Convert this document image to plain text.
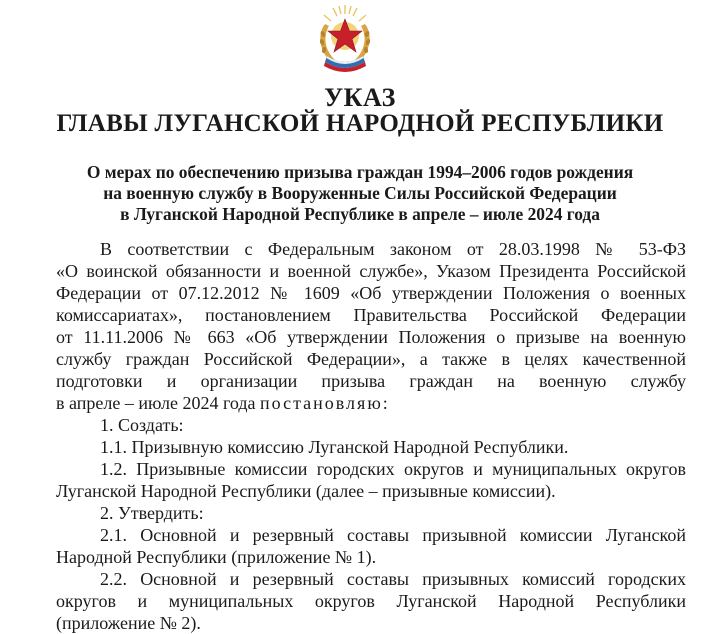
УКАЗ
ГЛАВЫ ЛУГАНСКОЙ НАРОДНОЙ РЕСПУБЛИКИ
О мерах по обеспечению призыва граждан 1994–2006 годов рождения
на военную службу в Вооруженные Силы Российской Федерации
в Луганской Народной Республике в апреле – июле 2024 года
В соответствии с Федеральным законом от 28.03.1998 № 53-ФЗ
«О воинской обязанности и военной службе», Указом Президента Российской
Федерации от 07.12.2012 № 1609 «Об утверждении Положения о военных
комиссариатах», постановлением Правительства Российской Федерации
от 11.11.2006 № 663 «Об утверждении Положения о призыве на военную
службу граждан Российской Федерации», а также в целях качественной
подготовки и организации призыва граждан на военную службу
в апреле – июле 2024 года постановляю:
1. Создать:
1.1. Призывную комиссию Луганской Народной Республики.
1.2. Призывные комиссии городских округов и муниципальных округов
Луганской Народной Республики (далее – призывные комиссии).
2. Утвердить:
2.1. Основной и резервный составы призывной комиссии Луганской
Народной Республики (приложение № 1).
2.2. Основной и резервный составы призывных комиссий городских
округов и муниципальных округов Луганской Народной Республики
(приложение № 2).
